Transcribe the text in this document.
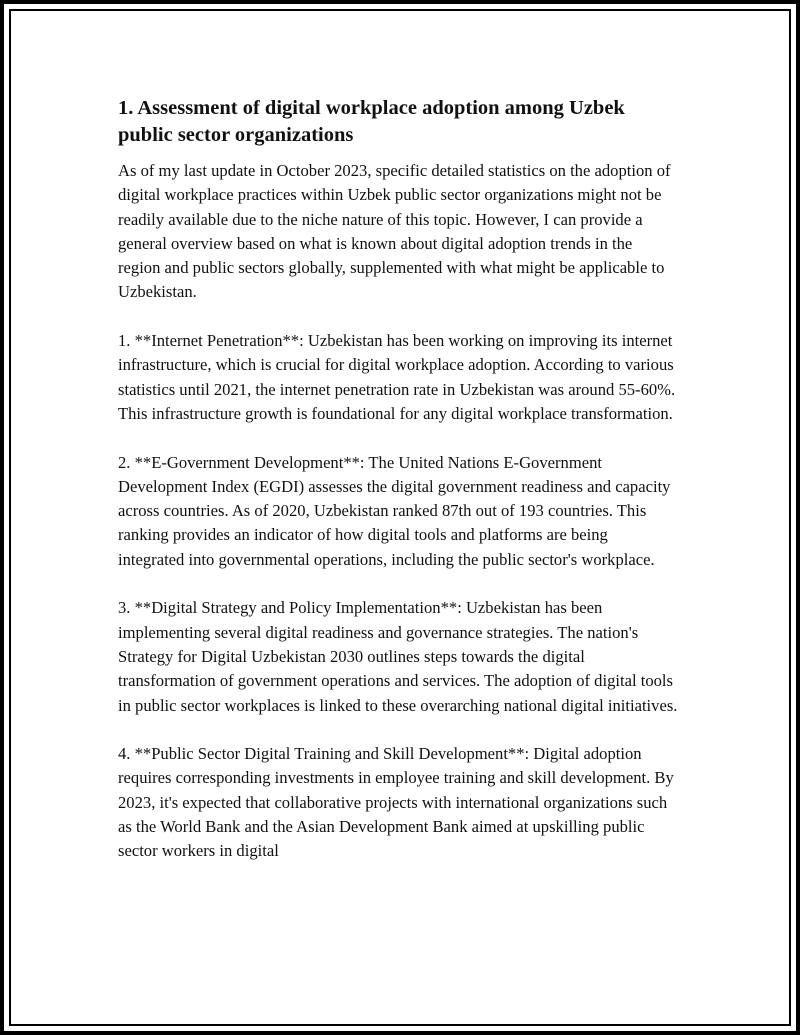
1. Assessment of digital workplace adoption among Uzbek public sector organizations

As of my last update in October 2023, specific detailed statistics on the adoption of digital workplace practices within Uzbek public sector organizations might not be readily available due to the niche nature of this topic. However, I can provide a general overview based on what is known about digital adoption trends in the region and public sectors globally, supplemented with what might be applicable to Uzbekistan.

1. **Internet Penetration**: Uzbekistan has been working on improving its internet infrastructure, which is crucial for digital workplace adoption. According to various statistics until 2021, the internet penetration rate in Uzbekistan was around 55-60%. This infrastructure growth is foundational for any digital workplace transformation.

2. **E-Government Development**: The United Nations E-Government Development Index (EGDI) assesses the digital government readiness and capacity across countries. As of 2020, Uzbekistan ranked 87th out of 193 countries. This ranking provides an indicator of how digital tools and platforms are being integrated into governmental operations, including the public sector's workplace.

3. **Digital Strategy and Policy Implementation**: Uzbekistan has been implementing several digital readiness and governance strategies. The nation's Strategy for Digital Uzbekistan 2030 outlines steps towards the digital transformation of government operations and services. The adoption of digital tools in public sector workplaces is linked to these overarching national digital initiatives.

4. **Public Sector Digital Training and Skill Development**: Digital adoption requires corresponding investments in employee training and skill development. By 2023, it's expected that collaborative projects with international organizations such as the World Bank and the Asian Development Bank aimed at upskilling public sector workers in digital
